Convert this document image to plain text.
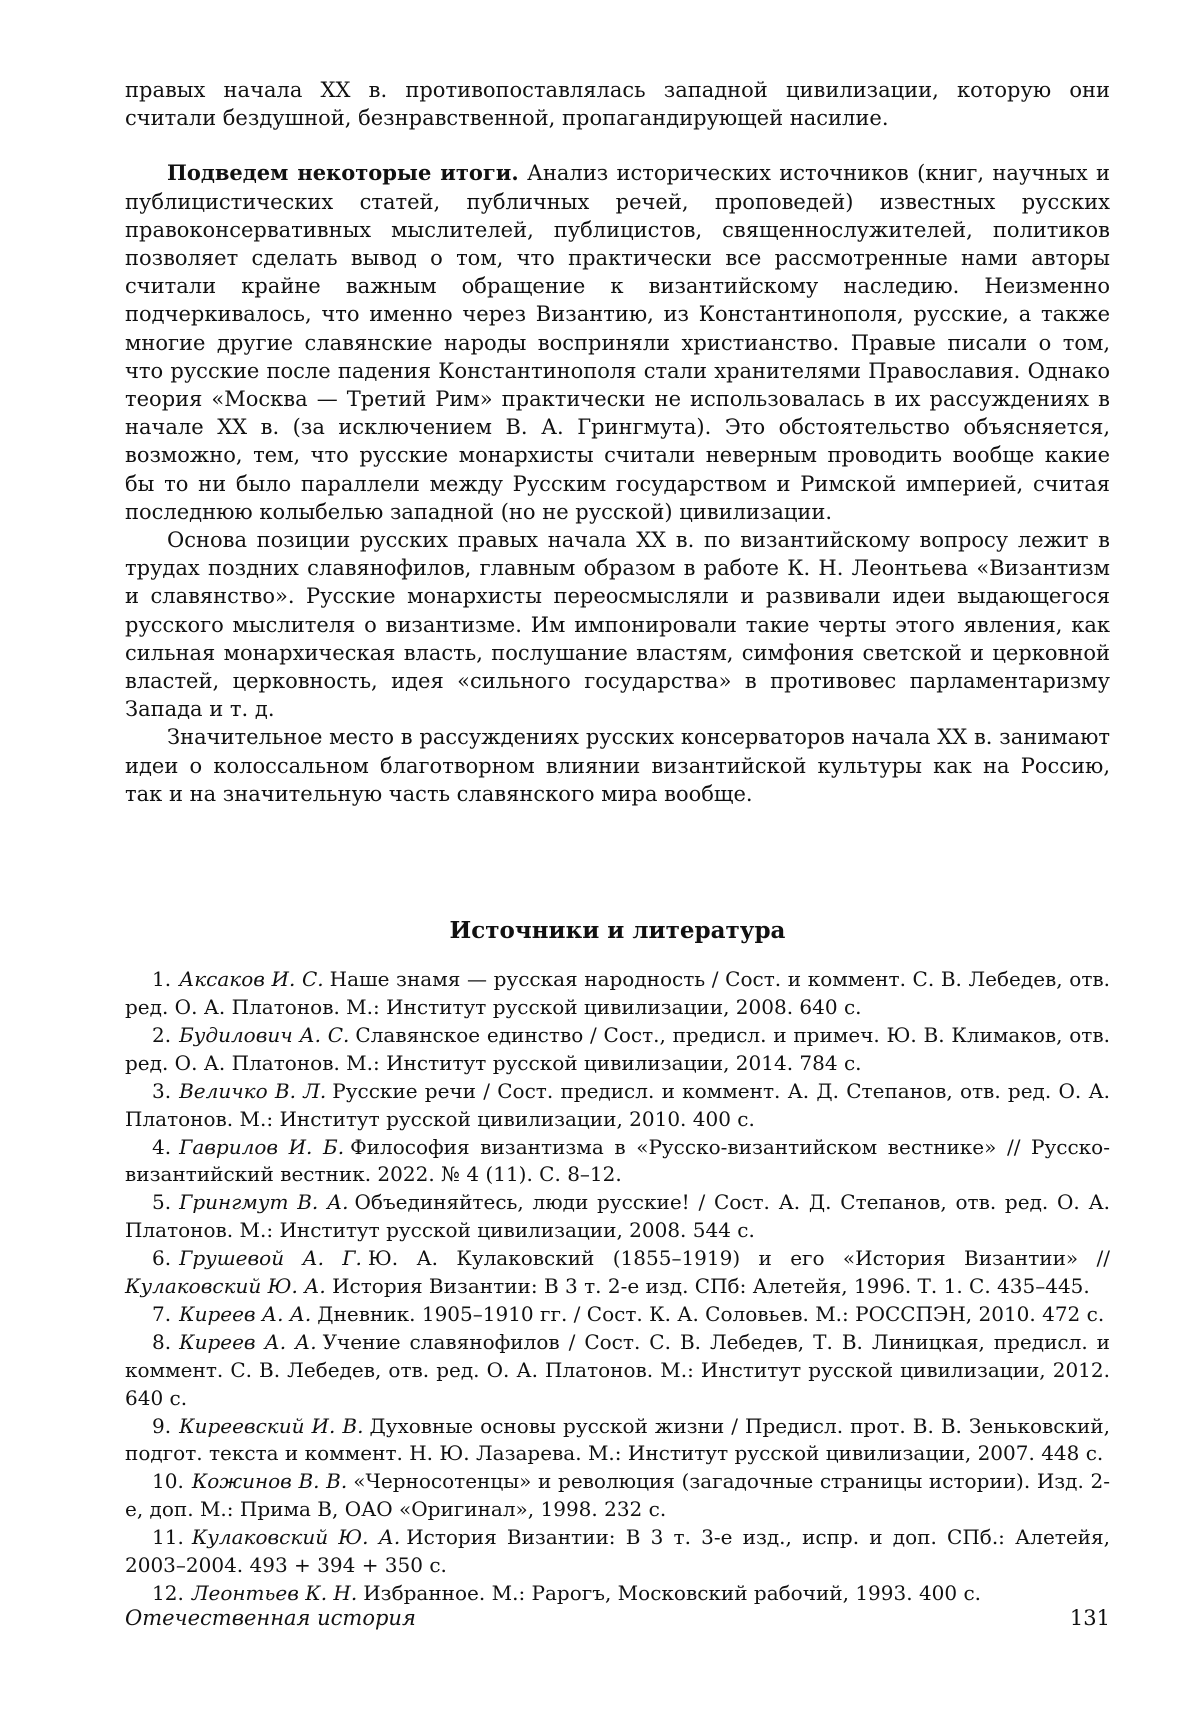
правых начала XX в. противопоставлялась западной цивилизации, которую они считали бездушной, безнравственной, пропагандирующей насилие.

Подведем некоторые итоги. Анализ исторических источников (книг, научных и публицистических статей, публичных речей, проповедей) известных русских правоконсервативных мыслителей, публицистов, священнослужителей, политиков позволяет сделать вывод о том, что практически все рассмотренные нами авторы считали крайне важным обращение к византийскому наследию. Неизменно подчеркивалось, что именно через Византию, из Константинополя, русские, а также многие другие славянские народы восприняли христианство. Правые писали о том, что русские после падения Константинополя стали хранителями Православия. Однако теория «Москва — Третий Рим» практически не использовалась в их рассуждениях в начале XX в. (за исключением В. А. Грингмута). Это обстоятельство объясняется, возможно, тем, что русские монархисты считали неверным проводить вообще какие бы то ни было параллели между Русским государством и Римской империей, считая последнюю колыбелью западной (но не русской) цивилизации.

Основа позиции русских правых начала XX в. по византийскому вопросу лежит в трудах поздних славянофилов, главным образом в работе К. Н. Леонтьева «Византизм и славянство». Русские монархисты переосмысляли и развивали идеи выдающегося русского мыслителя о византизме. Им импонировали такие черты этого явления, как сильная монархическая власть, послушание властям, симфония светской и церковной властей, церковность, идея «сильного государства» в противовес парламентаризму Запада и т. д.

Значительное место в рассуждениях русских консерваторов начала XX в. занимают идеи о колоссальном благотворном влиянии византийской культуры как на Россию, так и на значительную часть славянского мира вообще.

Источники и литература
1. Аксаков И. С. Наше знамя — русская народность / Сост. и коммент. С. В. Лебедев, отв. ред. О. А. Платонов. М.: Институт русской цивилизации, 2008. 640 с.
2. Будилович А. С. Славянское единство / Сост., предисл. и примеч. Ю. В. Климаков, отв. ред. О. А. Платонов. М.: Институт русской цивилизации, 2014. 784 с.
3. Величко В. Л. Русские речи / Сост. предисл. и коммент. А. Д. Степанов, отв. ред. О. А. Платонов. М.: Институт русской цивилизации, 2010. 400 с.
4. Гаврилов И. Б. Философия византизма в «Русско-византийском вестнике» // Русско-византийский вестник. 2022. № 4 (11). С. 8–12.
5. Грингмут В. А. Объединяйтесь, люди русские! / Сост. А. Д. Степанов, отв. ред. О. А. Платонов. М.: Институт русской цивилизации, 2008. 544 с.
6. Грушевой А. Г. Ю. А. Кулаковский (1855–1919) и его «История Византии» // Кулаковский Ю. А. История Византии: В 3 т. 2-е изд. СПб: Алетейя, 1996. Т. 1. С. 435–445.
7. Киреев А. А. Дневник. 1905–1910 гг. / Сост. К. А. Соловьев. М.: РОССПЭН, 2010. 472 с.
8. Киреев А. А. Учение славянофилов / Сост. С. В. Лебедев, Т. В. Линицкая, предисл. и коммент. С. В. Лебедев, отв. ред. О. А. Платонов. М.: Институт русской цивилизации, 2012. 640 с.
9. Киреевский И. В. Духовные основы русской жизни / Предисл. прот. В. В. Зеньковский, подгот. текста и коммент. Н. Ю. Лазарева. М.: Институт русской цивилизации, 2007. 448 с.
10. Кожинов В. В. «Черносотенцы» и революция (загадочные страницы истории). Изд. 2-е, доп. М.: Прима В, ОАО «Оригинал», 1998. 232 с.
11. Кулаковский Ю. А. История Византии: В 3 т. 3-е изд., испр. и доп. СПб.: Алетейя, 2003–2004. 493 + 394 + 350 с.
12. Леонтьев К. Н. Избранное. М.: Рарогъ, Московский рабочий, 1993. 400 с.
Отечественная история	131
